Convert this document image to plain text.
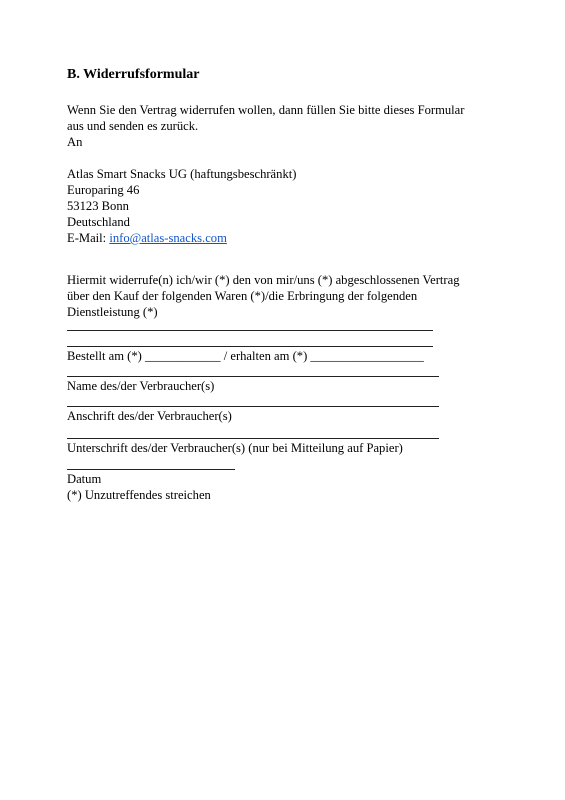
B. Widerrufsformular
Wenn Sie den Vertrag widerrufen wollen, dann füllen Sie bitte dieses Formular
aus und senden es zurück.
An
Atlas Smart Snacks UG (haftungsbeschränkt)
Europaring 46
53123 Bonn
Deutschland
E-Mail: info@atlas-snacks.com
Hiermit widerrufe(n) ich/wir (*) den von mir/uns (*) abgeschlossenen Vertrag
über den Kauf der folgenden Waren (*)/die Erbringung der folgenden
Dienstleistung (*)
Bestellt am (*) ____________ / erhalten am (*) __________________
Name des/der Verbraucher(s)
Anschrift des/der Verbraucher(s)
Unterschrift des/der Verbraucher(s) (nur bei Mitteilung auf Papier)
Datum
(*) Unzutreffendes streichen
